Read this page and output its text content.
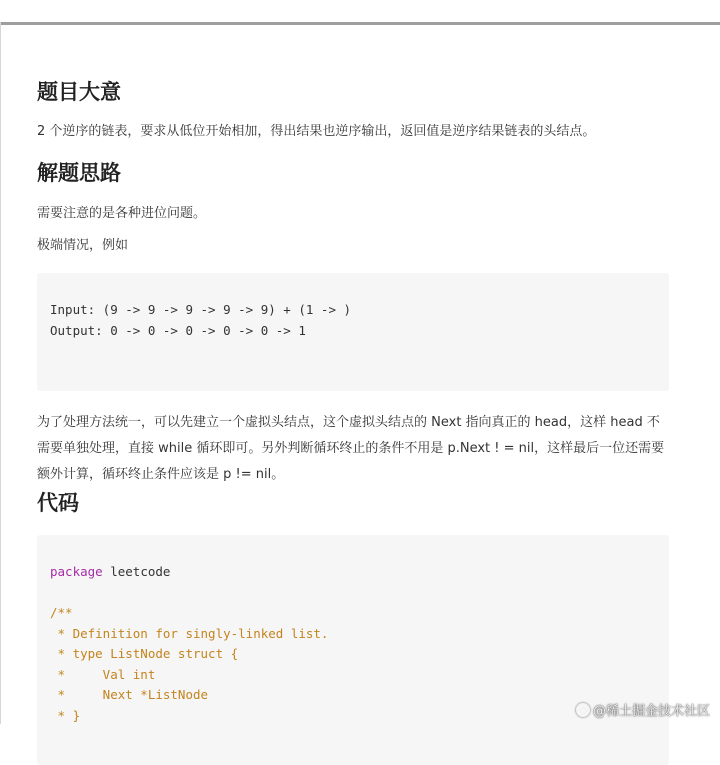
题目大意

2 个逆序的链表，要求从低位开始相加，得出结果也逆序输出，返回值是逆序结果链表的头结点。

解题思路

需要注意的是各种进位问题。

极端情况，例如

Input: (9 -> 9 -> 9 -> 9 -> 9) + (1 -> )
Output: 0 -> 0 -> 0 -> 0 -> 0 -> 1

为了处理方法统一，可以先建立一个虚拟头结点，这个虚拟头结点的 Next 指向真正的 head，这样 head 不需要单独处理，直接 while 循环即可。另外判断循环终止的条件不用是 p.Next ! = nil，这样最后一位还需要额外计算，循环终止条件应该是 p != nil。

代码
package leetcode
/**
* Definition for singly-linked list.
* type ListNode struct {
*     Val int
*     Next *ListNode
* }	@稀土掘金技术社区
